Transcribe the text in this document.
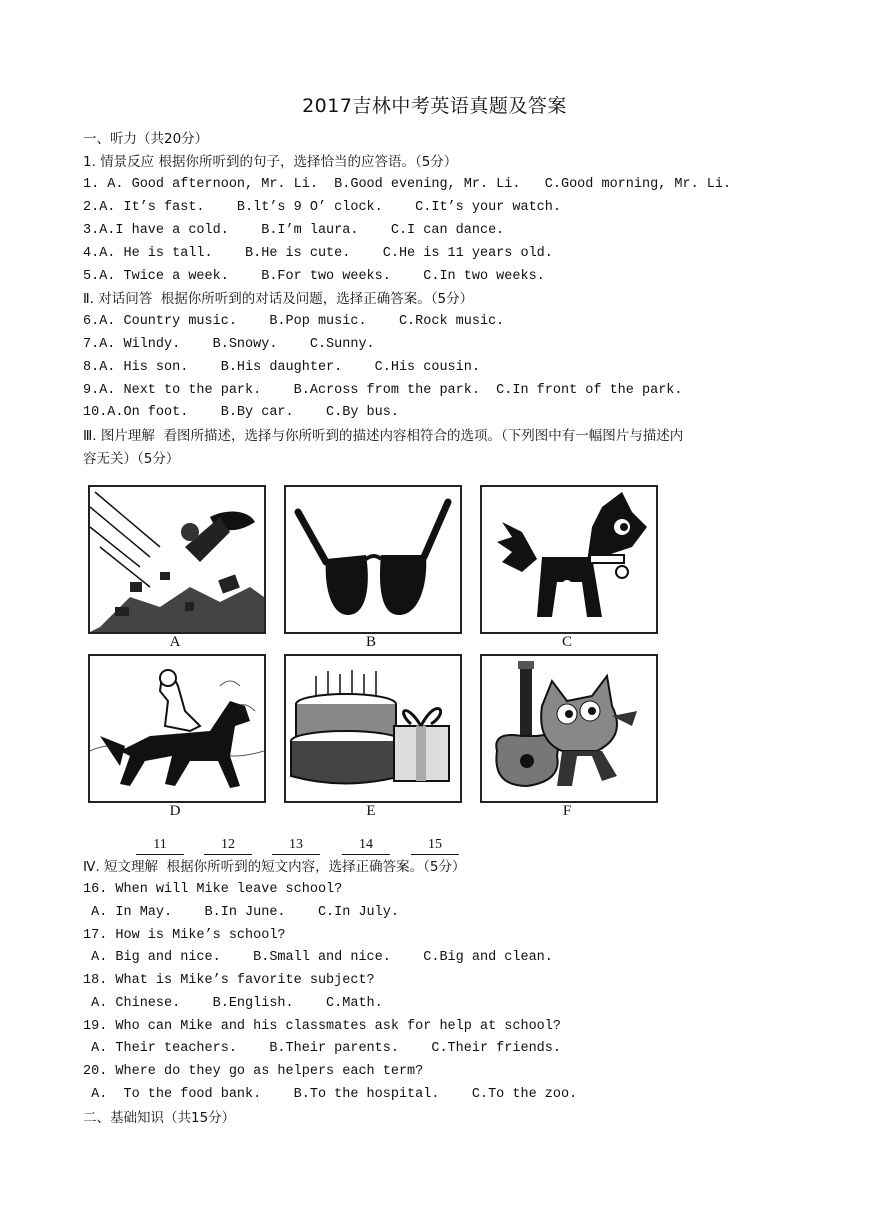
2017吉林中考英语真题及答案
一、听力（共20分）
1. 情景反应 根据你所听到的句子，选择恰当的应答语。（5分）
1. A. Good afternoon, Mr. Li.  B.Good evening, Mr. Li.   C.Good morning, Mr. Li.
2.A. It’s fast.    B.lt’s 9 O’ clock.    C.It’s your watch.
3.A.I have a cold.    B.I’m laura.    C.I can dance.
4.A. He is tall.    B.He is cute.    C.He is 11 years old.
5.A. Twice a week.    B.For two weeks.    C.In two weeks.
Ⅱ. 对话问答  根据你所听到的对话及问题，选择正确答案。（5分）
6.A. Country music.    B.Pop music.    C.Rock music.
7.A. Wilndy.    B.Snowy.    C.Sunny.
8.A. His son.    B.His daughter.    C.His cousin.
9.A. Next to the park.    B.Across from the park.  C.In front of the park.
10.A.On foot.    B.By car.    C.By bus.
Ⅲ. 图片理解  看图所描述，选择与你所听到的描述内容相符合的选项。（下列图中有一幅图片与描述内
容无关）（5分）
A	B	C
D	E	F
11	12	13	14	15
Ⅳ. 短文理解  根据你所听到的短文内容，选择正确答案。（5分）
16. When will Mike leave school?
A. In May.    B.In June.    C.In July.
17. How is Mike’s school?
A. Big and nice.    B.Small and nice.    C.Big and clean.
18. What is Mike’s favorite subject?
A. Chinese.    B.English.    C.Math.
19. Who can Mike and his classmates ask for help at school?
A. Their teachers.    B.Their parents.    C.Their friends.
20. Where do they go as helpers each term?
A.  To the food bank.    B.To the hospital.    C.To the zoo.
二、基础知识（共15分）
